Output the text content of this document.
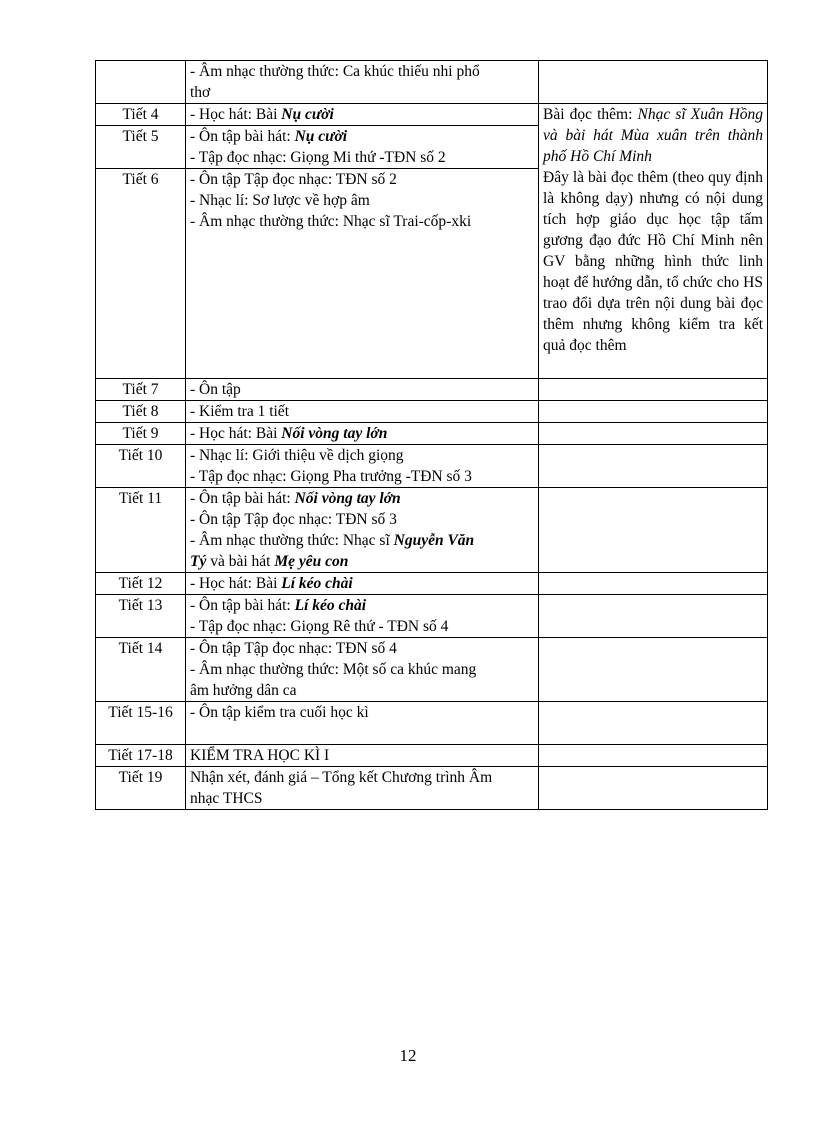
	- Âm nhạc thường thức: Ca khúc thiếu nhi phổ
thơ	

Tiết 4	- Học hát: Bài Nụ cười	Bài đọc thêm: Nhạc sĩ Xuân Hồng và bài hát Mùa xuân trên thành phố Hồ Chí Minh
Đây là bài đọc thêm (theo quy định là không dạy) nhưng có nội dung tích hợp giáo dục học tập tấm gương đạo đức Hồ Chí Minh nên GV bằng những hình thức linh hoạt để hướng dẫn, tổ chức cho HS trao đổi dựa trên nội dung bài đọc thêm nhưng không kiểm tra kết quả đọc thêm

Tiết 5	- Ôn tập bài hát: Nụ cười
- Tập đọc nhạc: Giọng Mi thứ -TĐN số 2	

Tiết 6	- Ôn tập Tập đọc nhạc: TĐN số 2
- Nhạc lí: Sơ lược về hợp âm
- Âm nhạc thường thức: Nhạc sĩ Trai-cốp-xki	

Tiết 7	- Ôn tập	

Tiết 8	- Kiểm tra 1 tiết	

Tiết 9	- Học hát: Bài Nối vòng tay lớn	

Tiết 10	- Nhạc lí: Giới thiệu về dịch giọng
- Tập đọc nhạc: Giọng Pha trưởng -TĐN số 3	

Tiết 11	- Ôn tập bài hát: Nối vòng tay lớn
- Ôn tập Tập đọc nhạc: TĐN số 3
- Âm nhạc thường thức: Nhạc sĩ Nguyễn Văn
Tý và bài hát Mẹ yêu con	

Tiết 12	- Học hát: Bài Lí kéo chài	

Tiết 13	- Ôn tập bài hát: Lí kéo chài
- Tập đọc nhạc: Giọng Rê thứ - TĐN số 4	

Tiết 14	- Ôn tập Tập đọc nhạc: TĐN số 4
- Âm nhạc thường thức: Một số ca khúc mang
âm hưởng dân ca	

Tiết 15-16	- Ôn tập kiểm tra cuối học kì	

Tiết 17-18	KIỂM TRA HỌC KÌ I	

Tiết 19	Nhận xét, đánh giá – Tổng kết Chương trình Âm
nhạc THCS	

12
